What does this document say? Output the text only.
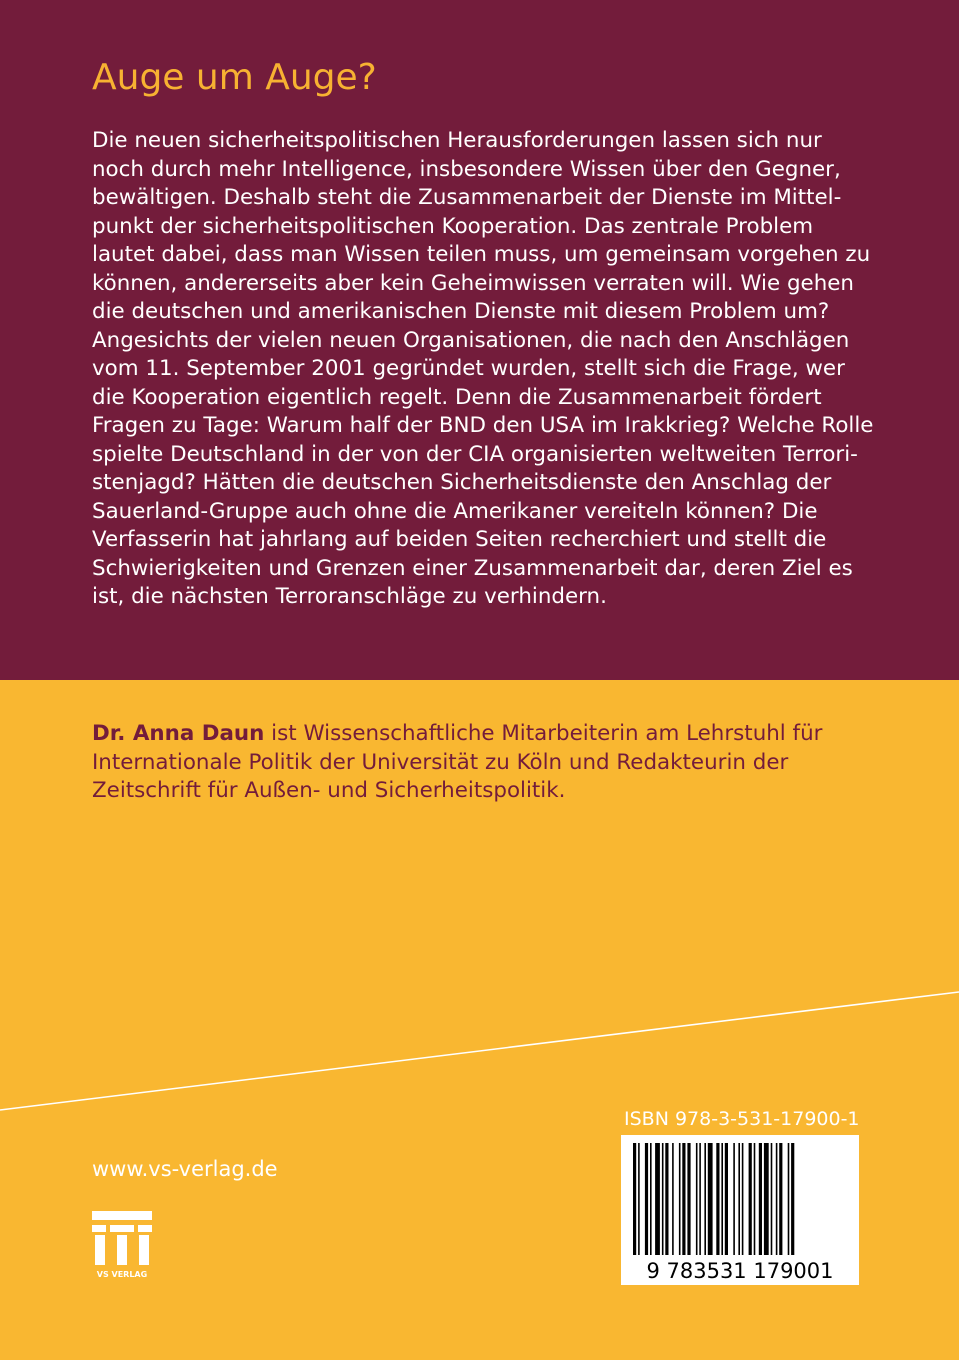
Auge um Auge?
Die neuen sicherheitspolitischen Herausforderungen lassen sich nur
noch durch mehr Intelligence, insbesondere Wissen über den Gegner,
bewältigen. Deshalb steht die Zusammenarbeit der Dienste im Mittel-
punkt der sicherheitspolitischen Kooperation. Das zentrale Problem
lautet dabei, dass man Wissen teilen muss, um gemeinsam vorgehen zu
können, andererseits aber kein Geheimwissen verraten will. Wie gehen
die deutschen und amerikanischen Dienste mit diesem Problem um?
Angesichts der vielen neuen Organisationen, die nach den Anschlägen
vom 11. September 2001 gegründet wurden, stellt sich die Frage, wer
die Kooperation eigentlich regelt. Denn die Zusammenarbeit fördert
Fragen zu Tage: Warum half der BND den USA im Irakkrieg? Welche Rolle
spielte Deutschland in der von der CIA organisierten weltweiten Terrori-
stenjagd? Hätten die deutschen Sicherheitsdienste den Anschlag der
Sauerland-Gruppe auch ohne die Amerikaner vereiteln können? Die
Verfasserin hat jahrlang auf beiden Seiten recherchiert und stellt die
Schwierigkeiten und Grenzen einer Zusammenarbeit dar, deren Ziel es
ist, die nächsten Terroranschläge zu verhindern.
Dr. Anna Daun ist Wissenschaftliche Mitarbeiterin am Lehrstuhl für
Internationale Politik der Universität zu Köln und Redakteurin der
Zeitschrift für Außen- und Sicherheitspolitik.
www.vs-verlag.de
VS VERLAG
ISBN 978-3-531-17900-1
9 783531 179001
